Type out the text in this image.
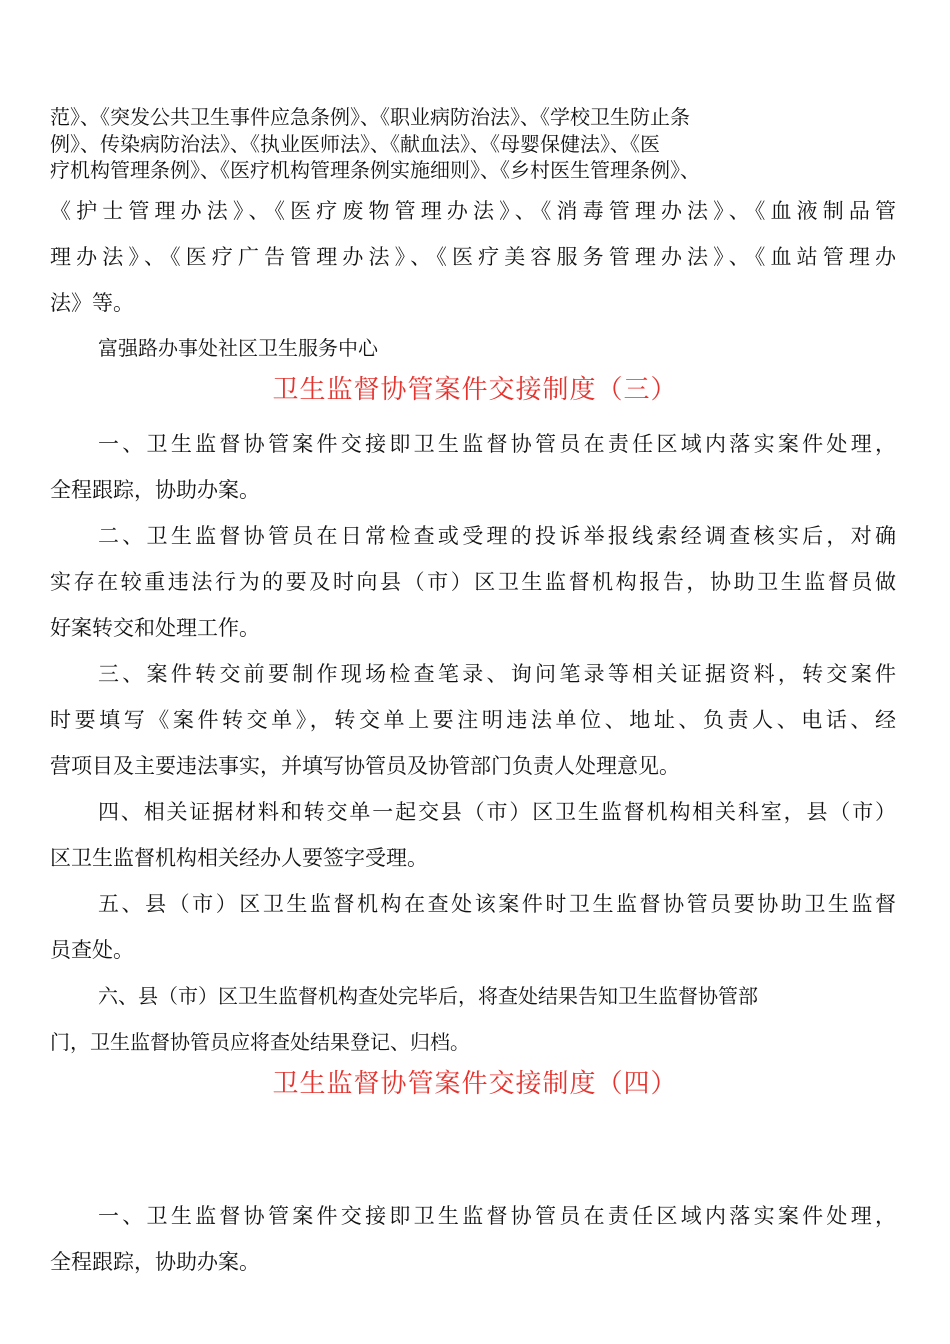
范》、《突发公共卫生事件应急条例》、《职业病防治法》、《学校卫生防止条
例》、传染病防治法》、《执业医师法》、《献血法》、《母婴保健法》、《医
疗机构管理条例》、《医疗机构管理条例实施细则》、《乡村医生管理条例》、
《护士管理办法》、《医疗废物管理办法》、《消毒管理办法》、《血液制品管
理办法》、《医疗广告管理办法》、《医疗美容服务管理办法》、《血站管理办
法》等。
富强路办事处社区卫生服务中心
卫生监督协管案件交接制度（三）
一、卫生监督协管案件交接即卫生监督协管员在责任区域内落实案件处理，
全程跟踪，协助办案。
二、卫生监督协管员在日常检查或受理的投诉举报线索经调查核实后，对确
实存在较重违法行为的要及时向县（市）区卫生监督机构报告，协助卫生监督员做
好案转交和处理工作。
三、案件转交前要制作现场检查笔录、询问笔录等相关证据资料，转交案件
时要填写《案件转交单》，转交单上要注明违法单位、地址、负责人、电话、经
营项目及主要违法事实，并填写协管员及协管部门负责人处理意见。
四、相关证据材料和转交单一起交县（市）区卫生监督机构相关科室，县（市）
区卫生监督机构相关经办人要签字受理。
五、县（市）区卫生监督机构在查处该案件时卫生监督协管员要协助卫生监督
员查处。
六、县（市）区卫生监督机构查处完毕后，将查处结果告知卫生监督协管部
门，卫生监督协管员应将查处结果登记、归档。
卫生监督协管案件交接制度（四）
一、卫生监督协管案件交接即卫生监督协管员在责任区域内落实案件处理，
全程跟踪，协助办案。
